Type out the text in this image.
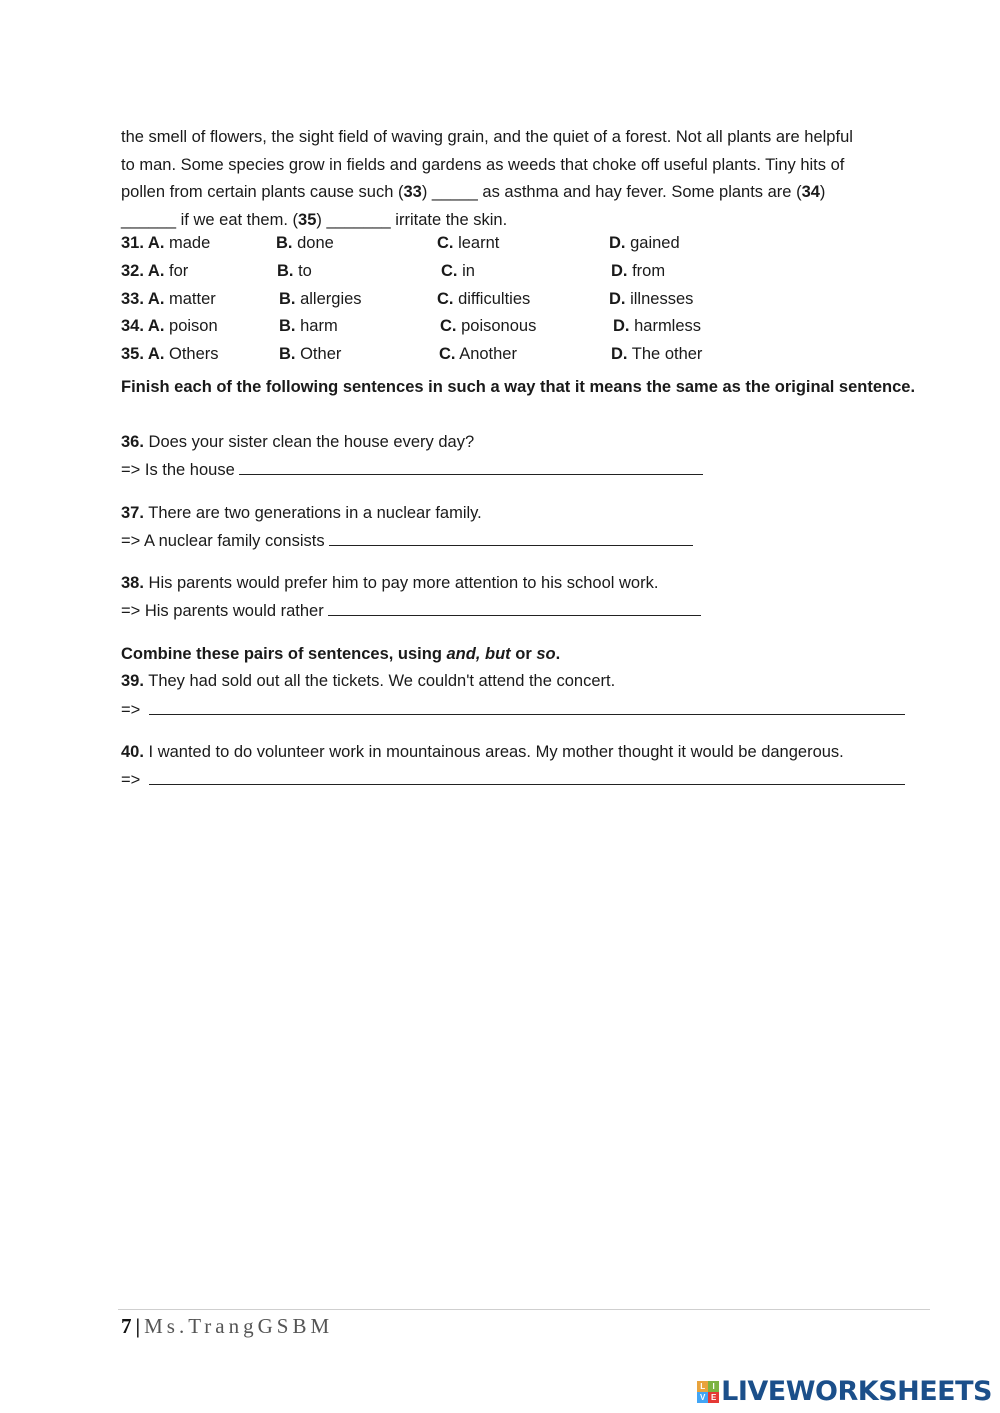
the smell of flowers, the sight field of waving grain, and the quiet of a forest. Not all plants are helpful
to man. Some species grow in fields and gardens as weeds that choke off useful plants. Tiny hits of
pollen from certain plants cause such (33) _____ as asthma and hay fever. Some plants are (34)
______ if we eat them. (35) _______ irritate the skin.
31. A. made	B. done	C. learnt	D. gained
32. A. for	B. to	C. in	D. from
33. A. matter	B. allergies	C. difficulties	D. illnesses
34. A. poison	B. harm	C. poisonous	D. harmless
35. A. Others	B. Other	C. Another	D. The other
Finish each of the following sentences in such a way that it means the same as the original sentence.
36. Does your sister clean the house every day?
=> Is the house
37. There are two generations in a nuclear family.
=> A nuclear family consists
38. His parents would prefer him to pay more attention to his school work.
=> His parents would rather
Combine these pairs of sentences, using and, but or so.
39. They had sold out all the tickets. We couldn't attend the concert.
=>
40. I wanted to do volunteer work in mountainous areas. My mother thought it would be dangerous.
=>
7 | Ms.TrangGSBM
L I
V E LIVEWORKSHEETS
